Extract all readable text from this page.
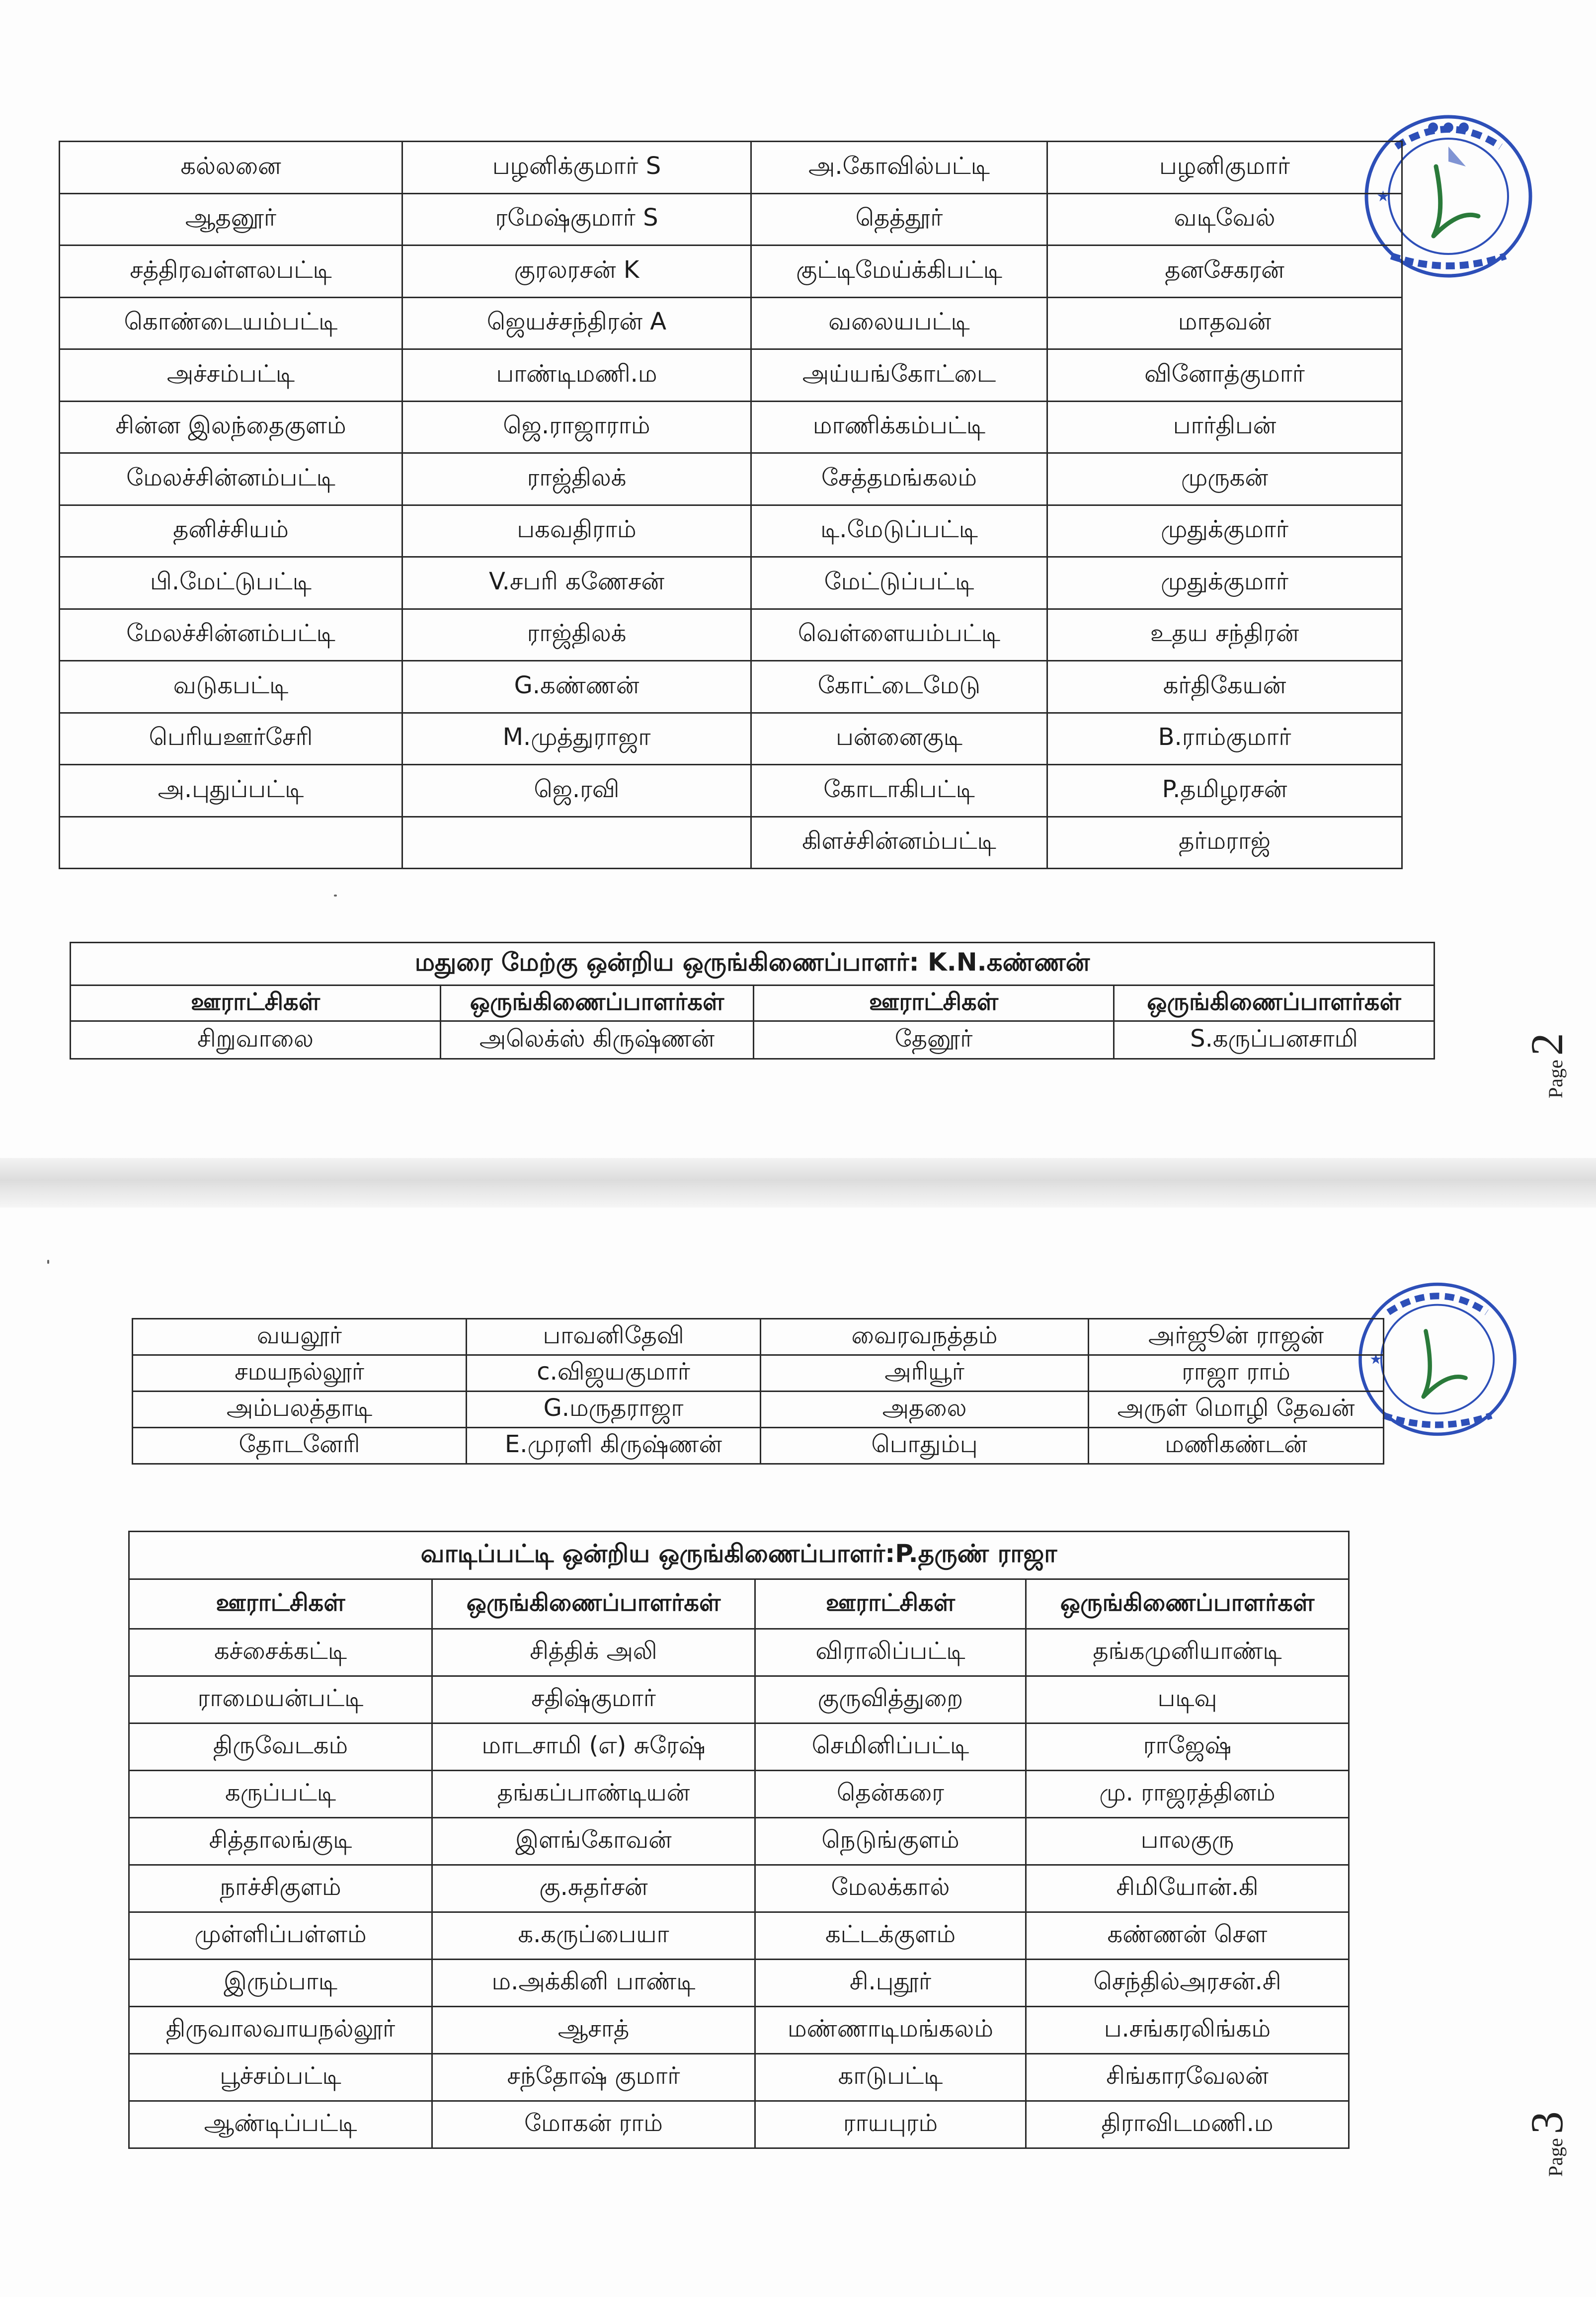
● ● ●
★
கல்லனை	பழனிக்குமார் S	அ.கோவில்பட்டி	பழனிகுமார்
ஆதனூர்	ரமேஷ்குமார் S	தெத்தூர்	வடிவேல்
சத்திரவள்ளலபட்டி	குரலரசன் K	குட்டிமேய்க்கிபட்டி	தனசேகரன்
கொண்டையம்பட்டி	ஜெயச்சந்திரன் A	வலையபட்டி	மாதவன்
அச்சம்பட்டி	பாண்டிமணி.ம	அய்யங்கோட்டை	வினோத்குமார்
சின்ன இலந்தைகுளம்	ஜெ.ராஜாராம்	மாணிக்கம்பட்டி	பார்திபன்
மேலச்சின்னம்பட்டி	ராஜ்திலக்	சேத்தமங்கலம்	முருகன்
தனிச்சியம்	பகவதிராம்	டி.மேடுப்பட்டி	முதுக்குமார்
பி.மேட்டுபட்டி	V.சபரி கணேசன்	மேட்டுப்பட்டி	முதுக்குமார்
மேலச்சின்னம்பட்டி	ராஜ்திலக்	வெள்ளையம்பட்டி	உதய சந்திரன்
வடுகபட்டி	G.கண்ணன்	கோட்டைமேடு	கர்திகேயன்
பெரியஊர்சேரி	M.முத்துராஜா	பன்னைகுடி	B.ராம்குமார்
அ.புதுப்பட்டி	ஜெ.ரவி	கோடாகிபட்டி	P.தமிழரசன்
		கிளச்சின்னம்பட்டி	தர்மராஜ்
மதுரை மேற்கு ஒன்றிய ஒருங்கிணைப்பாளர்: K.N.கண்ணன்			
ஊராட்சிகள்	ஒருங்கிணைப்பாளர்கள்	ஊராட்சிகள்	ஒருங்கிணைப்பாளர்கள்
சிறுவாலை	அலெக்ஸ் கிருஷ்ணன்	தேனூர்	S.கருப்பனசாமி
Page2
★
வயலூர்	பாவனிதேவி	வைரவநத்தம்	அர்ஜூன் ராஜன்
சமயநல்லூர்	c.விஜயகுமார்	அரியூர்	ராஜா ராம்
அம்பலத்தாடி	G.மருதராஜா	அதலை	அருள் மொழி தேவன்
தோடனேரி	E.முரளி கிருஷ்ணன்	பொதும்பு	மணிகண்டன்
வாடிப்பட்டி ஒன்றிய ஒருங்கிணைப்பாளர்:P.தருண் ராஜா			
ஊராட்சிகள்	ஒருங்கிணைப்பாளர்கள்	ஊராட்சிகள்	ஒருங்கிணைப்பாளர்கள்
கச்சைக்கட்டி	சித்திக் அலி	விராலிப்பட்டி	தங்கமுனியாண்டி
ராமையன்பட்டி	சதிஷ்குமார்	குருவித்துறை	படிவு
திருவேடகம்	மாடசாமி (எ) சுரேஷ்	செமினிப்பட்டி	ராஜேஷ்
கருப்பட்டி	தங்கப்பாண்டியன்	தென்கரை	மு. ராஜரத்தினம்
சித்தாலங்குடி	இளங்கோவன்	நெடுங்குளம்	பாலகுரு
நாச்சிகுளம்	கு.சுதர்சன்	மேலக்கால்	சிமியோன்.கி
முள்ளிப்பள்ளம்	க.கருப்பையா	கட்டக்குளம்	கண்ணன் செள
இரும்பாடி	ம.அக்கினி பாண்டி	சி.புதூர்	செந்தில்அரசன்.சி
திருவாலவாயநல்லூர்	ஆசாத்	மண்ணாடிமங்கலம்	ப.சங்கரலிங்கம்
பூச்சம்பட்டி	சந்தோஷ் குமார்	காடுபட்டி	சிங்காரவேலன்
ஆண்டிப்பட்டி	மோகன் ராம்	ராயபுரம்	திராவிடமணி.ம
Page3
